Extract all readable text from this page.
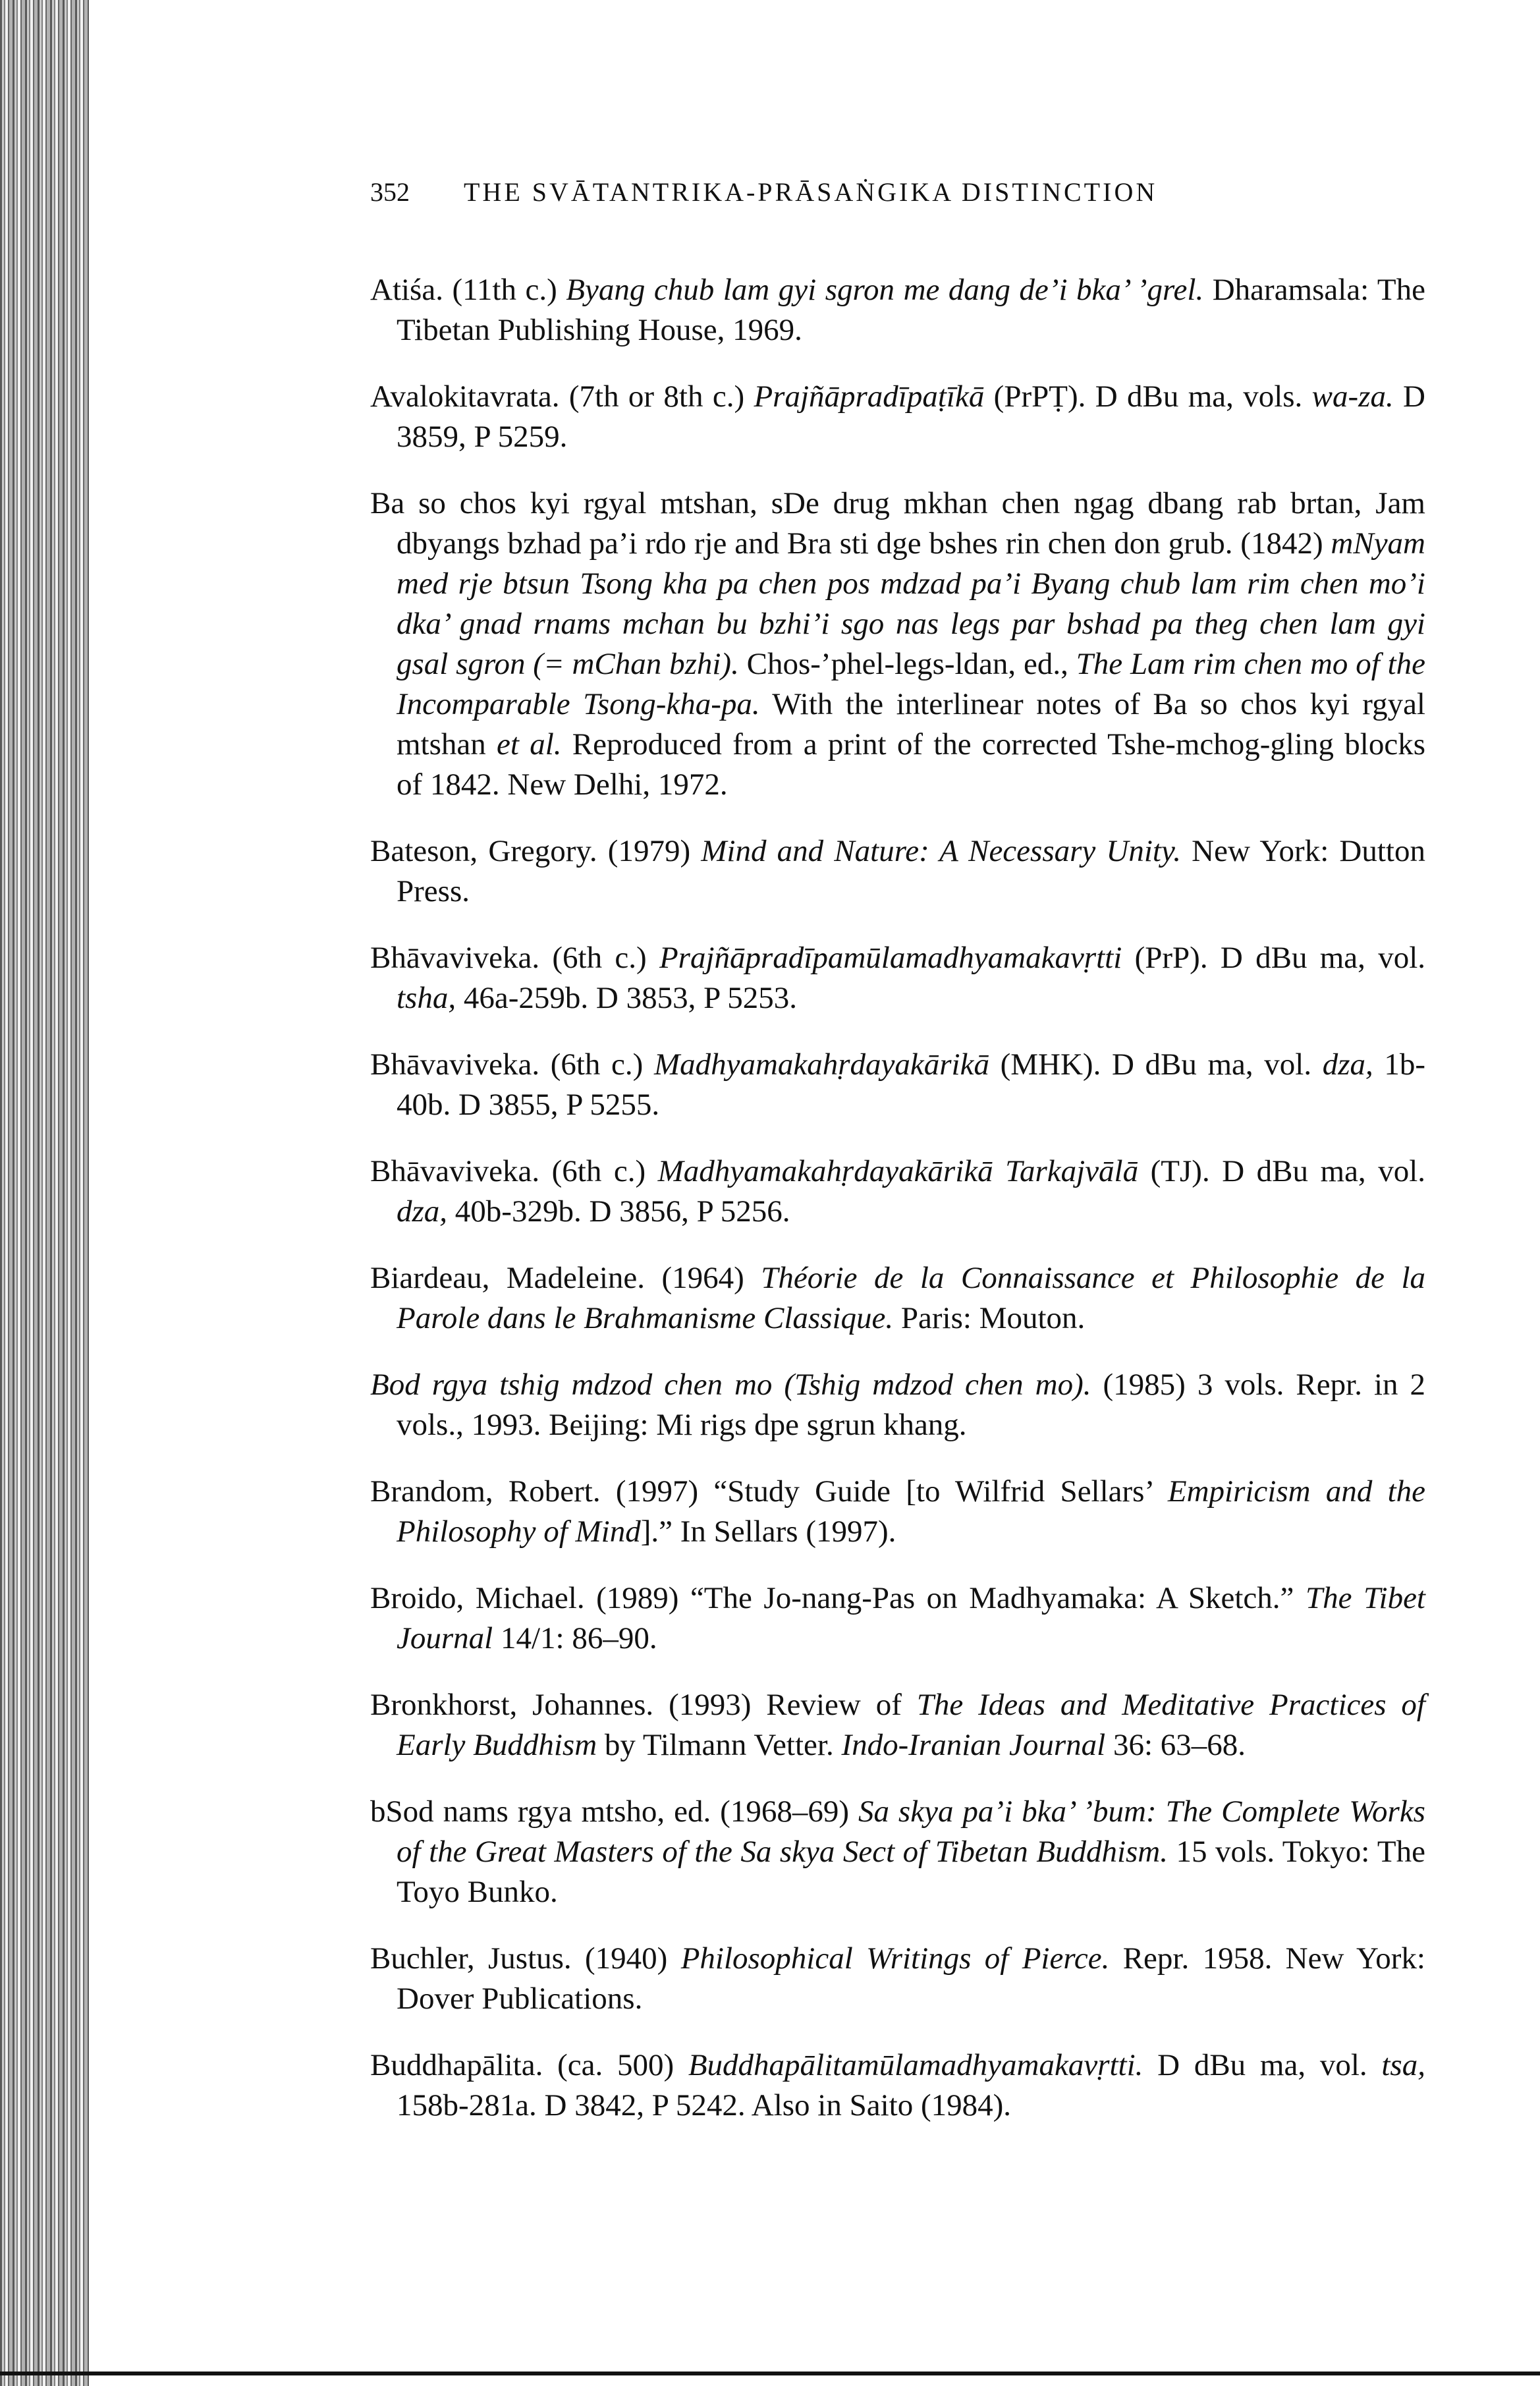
352 THE SVĀTANTRIKA-PRĀSAṄGIKA DISTINCTION

Atiśa. (11th c.) Byang chub lam gyi sgron me dang de’i bka’ ’grel. Dharamsala: The Tibetan Publishing House, 1969.

Avalokitavrata. (7th or 8th c.) Prajñāpradīpaṭīkā (PrPṬ). D dBu ma, vols. wa-za. D 3859, P 5259.

Ba so chos kyi rgyal mtshan, sDe drug mkhan chen ngag dbang rab brtan, Jam dbyangs bzhad pa’i rdo rje and Bra sti dge bshes rin chen don grub. (1842) mNyam med rje btsun Tsong kha pa chen pos mdzad pa’i Byang chub lam rim chen mo’i dka’ gnad rnams mchan bu bzhi’i sgo nas legs par bshad pa theg chen lam gyi gsal sgron (= mChan bzhi). Chos-’phel-legs-ldan, ed., The Lam rim chen mo of the Incomparable Tsong-kha-pa. With the interlinear notes of Ba so chos kyi rgyal mtshan et al. Reproduced from a print of the corrected Tshe-mchog-gling blocks of 1842. New Delhi, 1972.

Bateson, Gregory. (1979) Mind and Nature: A Necessary Unity. New York: Dutton Press.

Bhāvaviveka. (6th c.) Prajñāpradīpamūlamadhyamakavṛtti (PrP). D dBu ma, vol. tsha, 46a-259b. D 3853, P 5253.

Bhāvaviveka. (6th c.) Madhyamakahṛdayakārikā (MHK). D dBu ma, vol. dza, 1b-40b. D 3855, P 5255.

Bhāvaviveka. (6th c.) Madhyamakahṛdayakārikā Tarkajvālā (TJ). D dBu ma, vol. dza, 40b-329b. D 3856, P 5256.

Biardeau, Madeleine. (1964) Théorie de la Connaissance et Philosophie de la Parole dans le Brahmanisme Classique. Paris: Mouton.

Bod rgya tshig mdzod chen mo (Tshig mdzod chen mo). (1985) 3 vols. Repr. in 2 vols., 1993. Beijing: Mi rigs dpe sgrun khang.

Brandom, Robert. (1997) “Study Guide [to Wilfrid Sellars’ Empiricism and the Philosophy of Mind].” In Sellars (1997).

Broido, Michael. (1989) “The Jo-nang-Pas on Madhyamaka: A Sketch.” The Tibet Journal 14/1: 86–90.

Bronkhorst, Johannes. (1993) Review of The Ideas and Meditative Practices of Early Buddhism by Tilmann Vetter. Indo-Iranian Journal 36: 63–68.

bSod nams rgya mtsho, ed. (1968–69) Sa skya pa’i bka’ ’bum: The Complete Works of the Great Masters of the Sa skya Sect of Tibetan Buddhism. 15 vols. Tokyo: The Toyo Bunko.

Buchler, Justus. (1940) Philosophical Writings of Pierce. Repr. 1958. New York: Dover Publications.

Buddhapālita. (ca. 500) Buddhapālitamūlamadhyamakavṛtti. D dBu ma, vol. tsa, 158b-281a. D 3842, P 5242. Also in Saito (1984).
